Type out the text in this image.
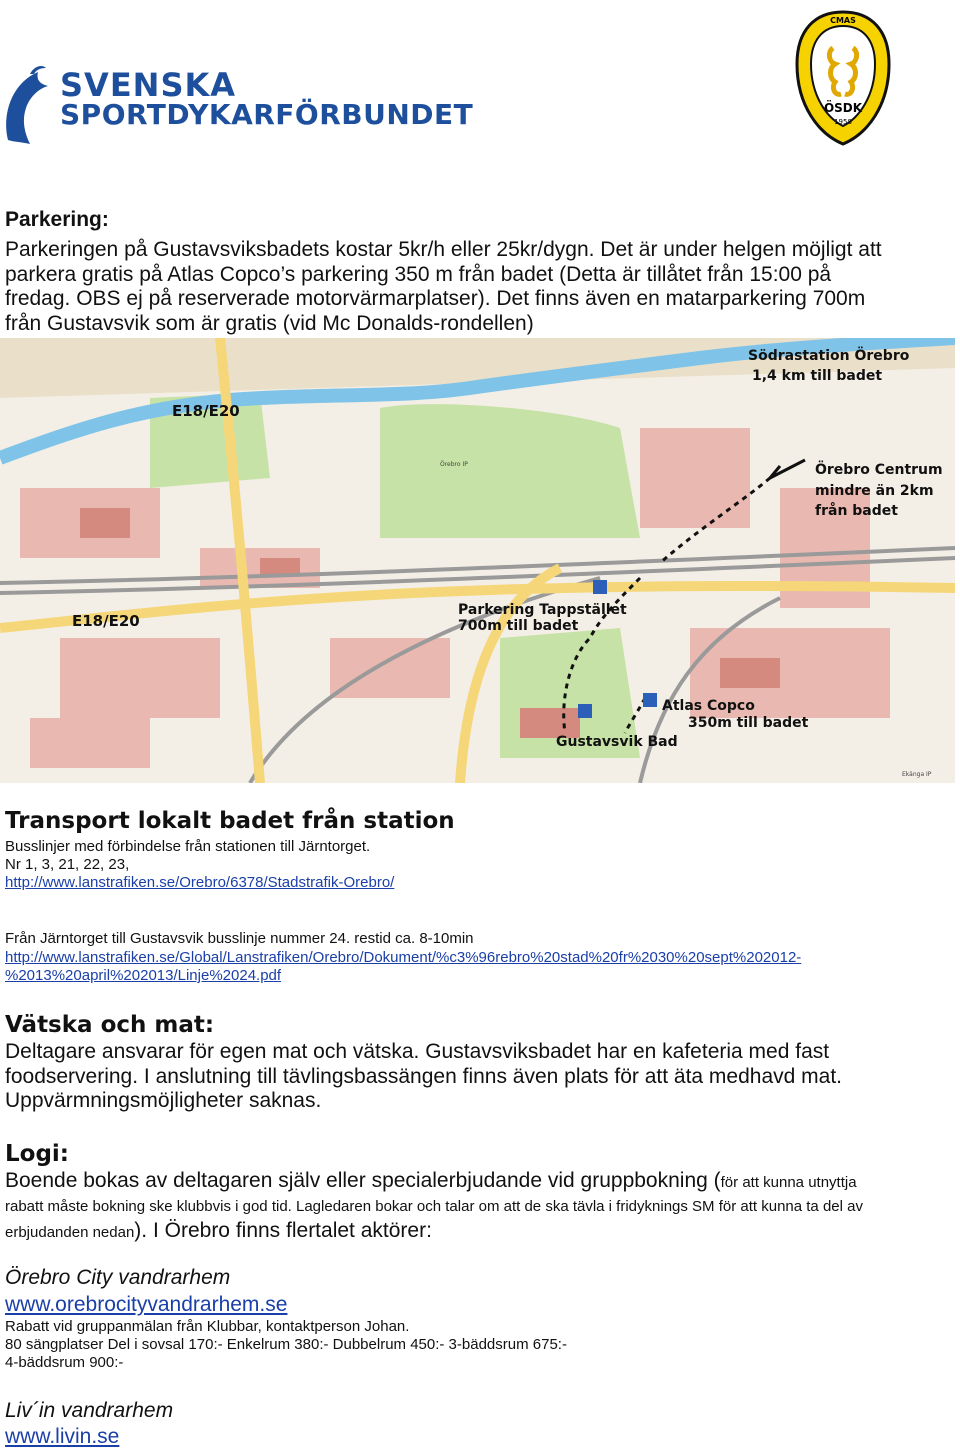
SVENSKA
SPORTDYKARFÖRBUNDET
CMAS
ÖSDK
1958
Parkering:
Parkeringen på Gustavsviksbadets kostar 5kr/h eller 25kr/dygn. Det är under helgen möjligt att
parkera gratis på Atlas Copco’s parkering 350 m från badet (Detta är tillåtet från 15:00 på
fredag. OBS ej på reserverade motorvärmarplatser). Det finns även en matarparkering 700m
från Gustavsvik som är gratis (vid Mc Donalds-rondellen)
E18/E20
E18/E20
Södrastation Örebro
1,4 km till badet
Örebro Centrum
mindre än 2km
från badet
Parkering Tappstället
700m till badet
Atlas Copco
350m till badet
Gustavsvik Bad
Örebro IP
Ekänga IP
Transport lokalt badet från station
Busslinjer med förbindelse från stationen till Järntorget.
Nr 1, 3, 21, 22, 23,
http://www.lanstrafiken.se/Orebro/6378/Stadstrafik-Orebro/
Från Järntorget till Gustavsvik busslinje nummer 24. restid ca. 8-10min
http://www.lanstrafiken.se/Global/Lanstrafiken/Orebro/Dokument/%c3%96rebro%20stad%20fr%2030%20sept%202012-
%2013%20april%202013/Linje%2024.pdf
Vätska och mat:
Deltagare ansvarar för egen mat och vätska. Gustavsviksbadet har en kafeteria med fast
foodservering. I anslutning till tävlingsbassängen finns även plats för att äta medhavd mat.
Uppvärmningsmöjligheter saknas.
Logi:
Boende bokas av deltagaren själv eller specialerbjudande vid gruppbokning (för att kunna utnyttja
rabatt måste bokning ske klubbvis i god tid. Lagledaren bokar och talar om att de ska tävla i fridyknings SM för att kunna ta del av
erbjudanden nedan). I Örebro finns flertalet aktörer:
Örebro City vandrarhem
www.orebrocityvandrarhem.se
Rabatt vid gruppanmälan från Klubbar, kontaktperson Johan.
80 sängplatser Del i sovsal 170:- Enkelrum 380:- Dubbelrum 450:- 3-bäddsrum 675:-
4-bäddsrum 900:-
Liv´in vandrarhem
www.livin.se
